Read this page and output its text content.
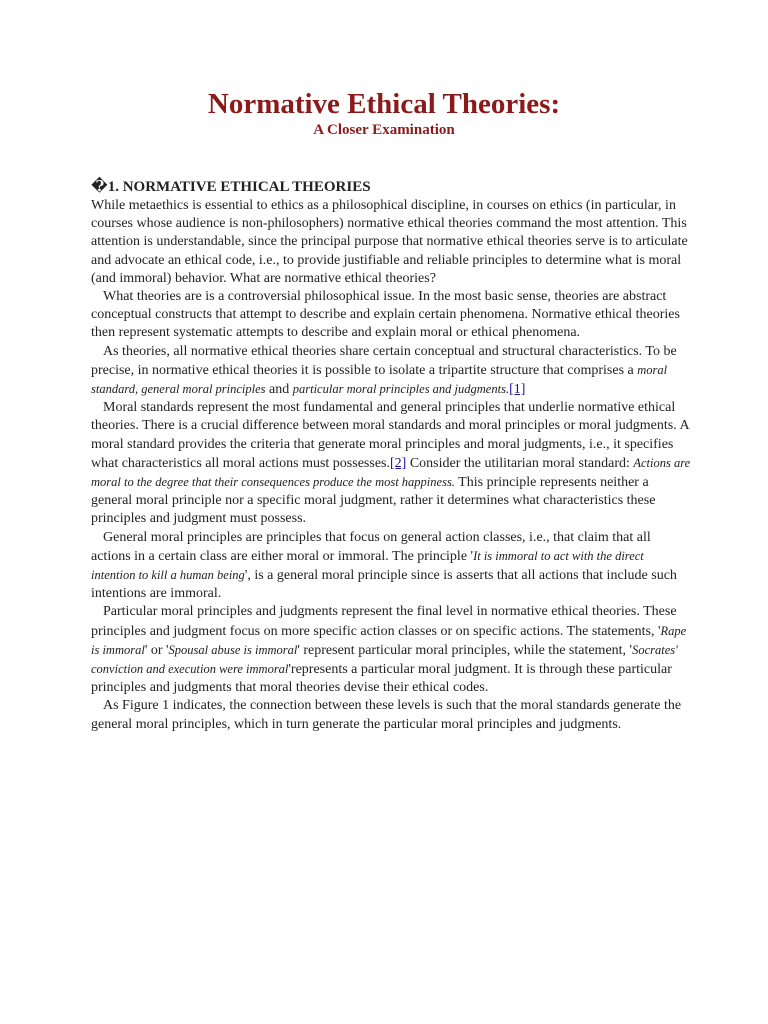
Normative Ethical Theories:
A Closer Examination

�1. NORMATIVE ETHICAL THEORIES

While metaethics is essential to ethics as a philosophical discipline, in courses on ethics (in particular, in courses whose audience is non-philosophers) normative ethical theories command the most attention. This attention is understandable, since the principal purpose that normative ethical theories serve is to articulate and advocate an ethical code, i.e., to provide justifiable and reliable principles to determine what is moral (and immoral) behavior. What are normative ethical theories?

What theories are is a controversial philosophical issue. In the most basic sense, theories are abstract conceptual constructs that attempt to describe and explain certain phenomena. Normative ethical theories then represent systematic attempts to describe and explain moral or ethical phenomena.

As theories, all normative ethical theories share certain conceptual and structural characteristics. To be precise, in normative ethical theories it is possible to isolate a tripartite structure that comprises a moral standard, general moral principles and particular moral principles and judgments.[1]

Moral standards represent the most fundamental and general principles that underlie normative ethical theories. There is a crucial difference between moral standards and moral principles or moral judgments. A moral standard provides the criteria that generate moral principles and moral judgments, i.e., it specifies what characteristics all moral actions must possesses.[2] Consider the utilitarian moral standard: Actions are moral to the degree that their consequences produce the most happiness. This principle represents neither a general moral principle nor a specific moral judgment, rather it determines what characteristics these principles and judgment must possess.

General moral principles are principles that focus on general action classes, i.e., that claim that all actions in a certain class are either moral or immoral. The principle 'It is immoral to act with the direct intention to kill a human being', is a general moral principle since is asserts that all actions that include such intentions are immoral.

Particular moral principles and judgments represent the final level in normative ethical theories. These principles and judgment focus on more specific action classes or on specific actions. The statements, 'Rape is immoral' or 'Spousal abuse is immoral' represent particular moral principles, while the statement, 'Socrates' conviction and execution were immoral'represents a particular moral judgment. It is through these particular principles and judgments that moral theories devise their ethical codes.

As Figure 1 indicates, the connection between these levels is such that the moral standards generate the general moral principles, which in turn generate the particular moral principles and judgments.
